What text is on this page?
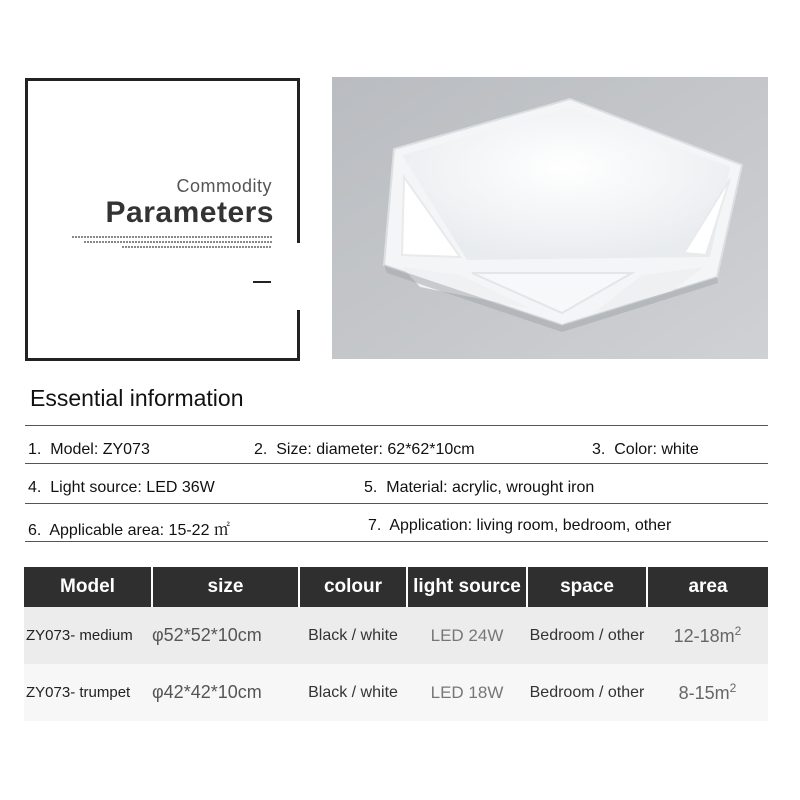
Commodity
Parameters
Essential information
1. Model: ZY073	2. Size: diameter: 62*62*10cm	3. Color: white
4. Light source: LED 36W	5. Material: acrylic, wrought iron
6. Applicable area: 15-22 ㎡	7. Application: living room, bedroom, other
Model	size	colour	light source	space	area
ZY073- medium	φ52*52*10cm	Black / white	LED 24W	Bedroom / other	$12-18m^2$
ZY073- trumpet	φ42*42*10cm	Black / white	LED 18W	Bedroom / other	$8-15m^2$
